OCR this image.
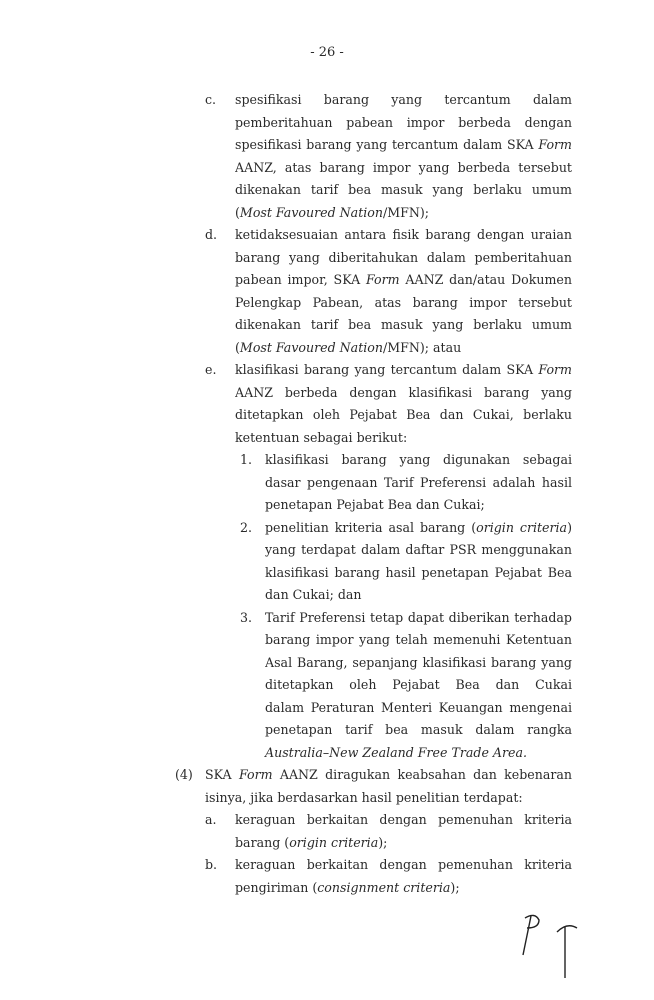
- 26 -
c. spesifikasi barang yang tercantum dalam
pemberitahuan pabean impor berbeda dengan
spesifikasi barang yang tercantum dalam SKA Form
AANZ, atas barang impor yang berbeda tersebut
dikenakan tarif bea masuk yang berlaku umum
(Most Favoured Nation/MFN);
d. ketidaksesuaian antara fisik barang dengan uraian
barang yang diberitahukan dalam pemberitahuan
pabean impor, SKA Form AANZ dan/atau Dokumen
Pelengkap Pabean, atas barang impor tersebut
dikenakan tarif bea masuk yang berlaku umum
(Most Favoured Nation/MFN); atau
e. klasifikasi barang yang tercantum dalam SKA Form
AANZ berbeda dengan klasifikasi barang yang
ditetapkan oleh Pejabat Bea dan Cukai, berlaku
ketentuan sebagai berikut:
1. klasifikasi barang yang digunakan sebagai
dasar pengenaan Tarif Preferensi adalah hasil
penetapan Pejabat Bea dan Cukai;
2. penelitian kriteria asal barang (origin criteria)
yang terdapat dalam daftar PSR menggunakan
klasifikasi barang hasil penetapan Pejabat Bea
dan Cukai; dan
3. Tarif Preferensi tetap dapat diberikan terhadap
barang impor yang telah memenuhi Ketentuan
Asal Barang, sepanjang klasifikasi barang yang
ditetapkan oleh Pejabat Bea dan Cukai
dalam Peraturan Menteri Keuangan mengenai
penetapan tarif bea masuk dalam rangka
Australia–New Zealand Free Trade Area.
(4) SKA Form AANZ diragukan keabsahan dan kebenaran
isinya, jika berdasarkan hasil penelitian terdapat:
a. keraguan berkaitan dengan pemenuhan kriteria
barang (origin criteria);
b. keraguan berkaitan dengan pemenuhan kriteria
pengiriman (consignment criteria);
